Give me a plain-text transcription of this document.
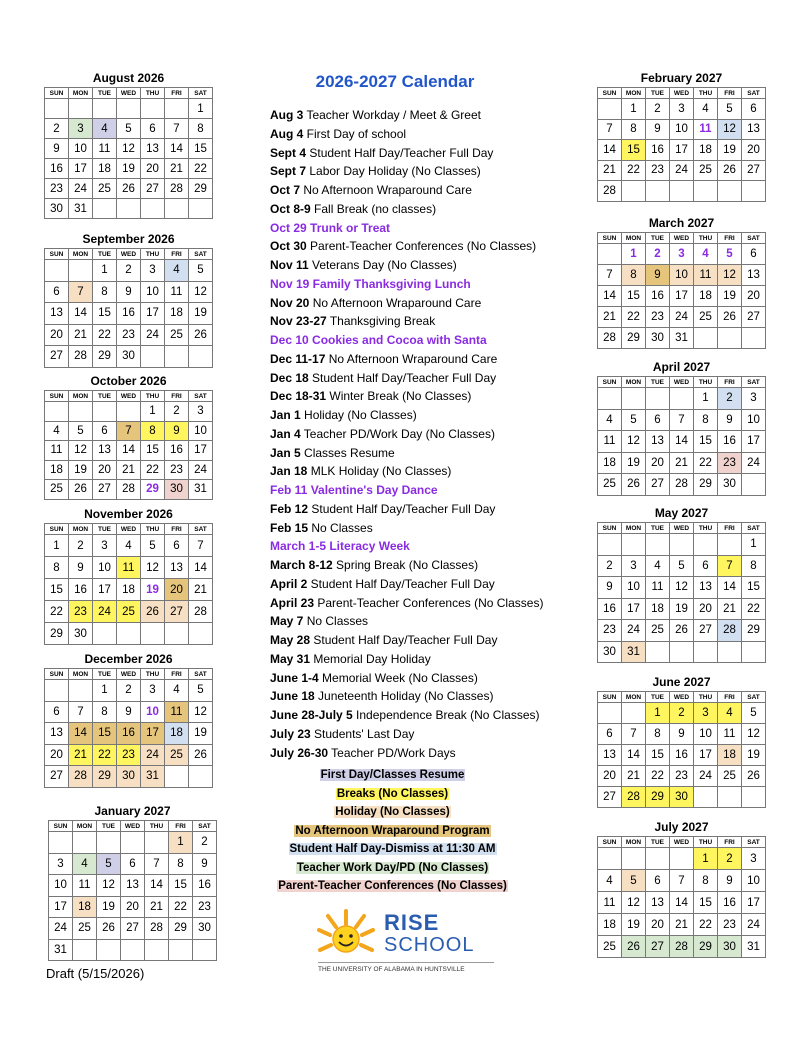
2026-2027 Calendar
August 2026
SUN	MON	TUE	WED	THU	FRI	SAT
						1
2	3	4	5	6	7	8
9	10	11	12	13	14	15
16	17	18	19	20	21	22
23	24	25	26	27	28	29
30	31					
September 2026
SUN	MON	TUE	WED	THU	FRI	SAT
		1	2	3	4	5
6	7	8	9	10	11	12
13	14	15	16	17	18	19
20	21	22	23	24	25	26
27	28	29	30			
October 2026
SUN	MON	TUE	WED	THU	FRI	SAT
				1	2	3
4	5	6	7	8	9	10
11	12	13	14	15	16	17
18	19	20	21	22	23	24
25	26	27	28	29	30	31
November 2026
SUN	MON	TUE	WED	THU	FRI	SAT
1	2	3	4	5	6	7
8	9	10	11	12	13	14
15	16	17	18	19	20	21
22	23	24	25	26	27	28
29	30					
December 2026
SUN	MON	TUE	WED	THU	FRI	SAT
		1	2	3	4	5
6	7	8	9	10	11	12
13	14	15	16	17	18	19
20	21	22	23	24	25	26
27	28	29	30	31		
January 2027
SUN	MON	TUE	WED	THU	FRI	SAT
					1	2
3	4	5	6	7	8	9
10	11	12	13	14	15	16
17	18	19	20	21	22	23
24	25	26	27	28	29	30
31						
February 2027
SUN	MON	TUE	WED	THU	FRI	SAT
	1	2	3	4	5	6
7	8	9	10	11	12	13
14	15	16	17	18	19	20
21	22	23	24	25	26	27
28						
March 2027
SUN	MON	TUE	WED	THU	FRI	SAT
	1	2	3	4	5	6
7	8	9	10	11	12	13
14	15	16	17	18	19	20
21	22	23	24	25	26	27
28	29	30	31			
April 2027
SUN	MON	TUE	WED	THU	FRI	SAT
				1	2	3
4	5	6	7	8	9	10
11	12	13	14	15	16	17
18	19	20	21	22	23	24
25	26	27	28	29	30	
May 2027
SUN	MON	TUE	WED	THU	FRI	SAT
						1
2	3	4	5	6	7	8
9	10	11	12	13	14	15
16	17	18	19	20	21	22
23	24	25	26	27	28	29
30	31					
June 2027
SUN	MON	TUE	WED	THU	FRI	SAT
		1	2	3	4	5
6	7	8	9	10	11	12
13	14	15	16	17	18	19
20	21	22	23	24	25	26
27	28	29	30			
July 2027
SUN	MON	TUE	WED	THU	FRI	SAT
				1	2	3
4	5	6	7	8	9	10
11	12	13	14	15	16	17
18	19	20	21	22	23	24
25	26	27	28	29	30	31
Aug 3 Teacher Workday / Meet & Greet
Aug 4 First Day of school
Sept 4 Student Half Day/Teacher Full Day
Sept 7 Labor Day Holiday (No Classes)
Oct 7 No Afternoon Wraparound Care
Oct 8-9 Fall Break (no classes)
Oct 29 Trunk or Treat
Oct 30 Parent-Teacher Conferences (No Classes)
Nov 11 Veterans Day (No Classes)
Nov 19 Family Thanksgiving Lunch
Nov 20 No Afternoon Wraparound Care
Nov 23-27 Thanksgiving Break
Dec 10 Cookies and Cocoa with Santa
Dec 11-17 No Afternoon Wraparound Care
Dec 18 Student Half Day/Teacher Full Day
Dec 18-31 Winter Break (No Classes)
Jan 1 Holiday (No Classes)
Jan 4 Teacher PD/Work Day (No Classes)
Jan 5 Classes Resume
Jan 18 MLK Holiday (No Classes)
Feb 11 Valentine's Day Dance
Feb 12 Student Half Day/Teacher Full Day
Feb 15 No Classes
March 1-5 Literacy Week
March 8-12 Spring Break (No Classes)
April 2 Student Half Day/Teacher Full Day
April 23 Parent-Teacher Conferences (No Classes)
May 7 No Classes
May 28 Student Half Day/Teacher Full Day
May 31 Memorial Day Holiday
June 1-4 Memorial Week (No Classes)
June 18 Juneteenth Holiday (No Classes)
June 28-July 5 Independence Break (No Classes)
July 23 Students' Last Day
July 26-30 Teacher PD/Work Days
First Day/Classes Resume
Breaks (No Classes)
Holiday (No Classes)
No Afternoon Wraparound Program
Student Half Day-Dismiss at 11:30 AM
Teacher Work Day/PD (No Classes)
Parent-Teacher Conferences (No Classes)
RISE
SCHOOL
THE UNIVERSITY OF ALABAMA IN HUNTSVILLE
Draft (5/15/2026)
